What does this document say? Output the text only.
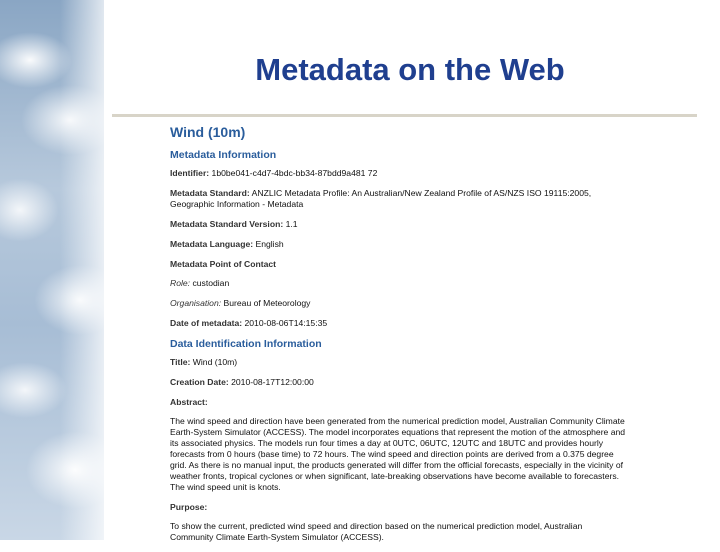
Metadata on the Web
Wind (10m)
Metadata Information
Identifier: 1b0be041-c4d7-4bdc-bb34-87bdd9a481 72
Metadata Standard: ANZLIC Metadata Profile: An Australian/New Zealand Profile of AS/NZS ISO 19115:2005, Geographic Information - Metadata
Metadata Standard Version: 1.1
Metadata Language: English
Metadata Point of Contact
Role: custodian
Organisation: Bureau of Meteorology
Date of metadata: 2010-08-06T14:15:35
Data Identification Information
Title: Wind (10m)
Creation Date: 2010-08-17T12:00:00
Abstract:
The wind speed and direction have been generated from the numerical prediction model, Australian Community Climate Earth-System Simulator (ACCESS). The model incorporates equations that represent the motion of the atmosphere and its associated physics. The models run four times a day at 0UTC, 06UTC, 12UTC and 18UTC and provides hourly forecasts from 0 hours (base time) to 72 hours. The wind speed and direction points are derived from a 0.375 degree grid. As there is no manual input, the products generated will differ from the official forecasts, especially in the vicinity of weather fronts, tropical cyclones or when significant, late-breaking observations have become available to forecasters. The wind speed unit is knots.
Purpose:
To show the current, predicted wind speed and direction based on the numerical prediction model, Australian Community Climate Earth-System Simulator (ACCESS).
